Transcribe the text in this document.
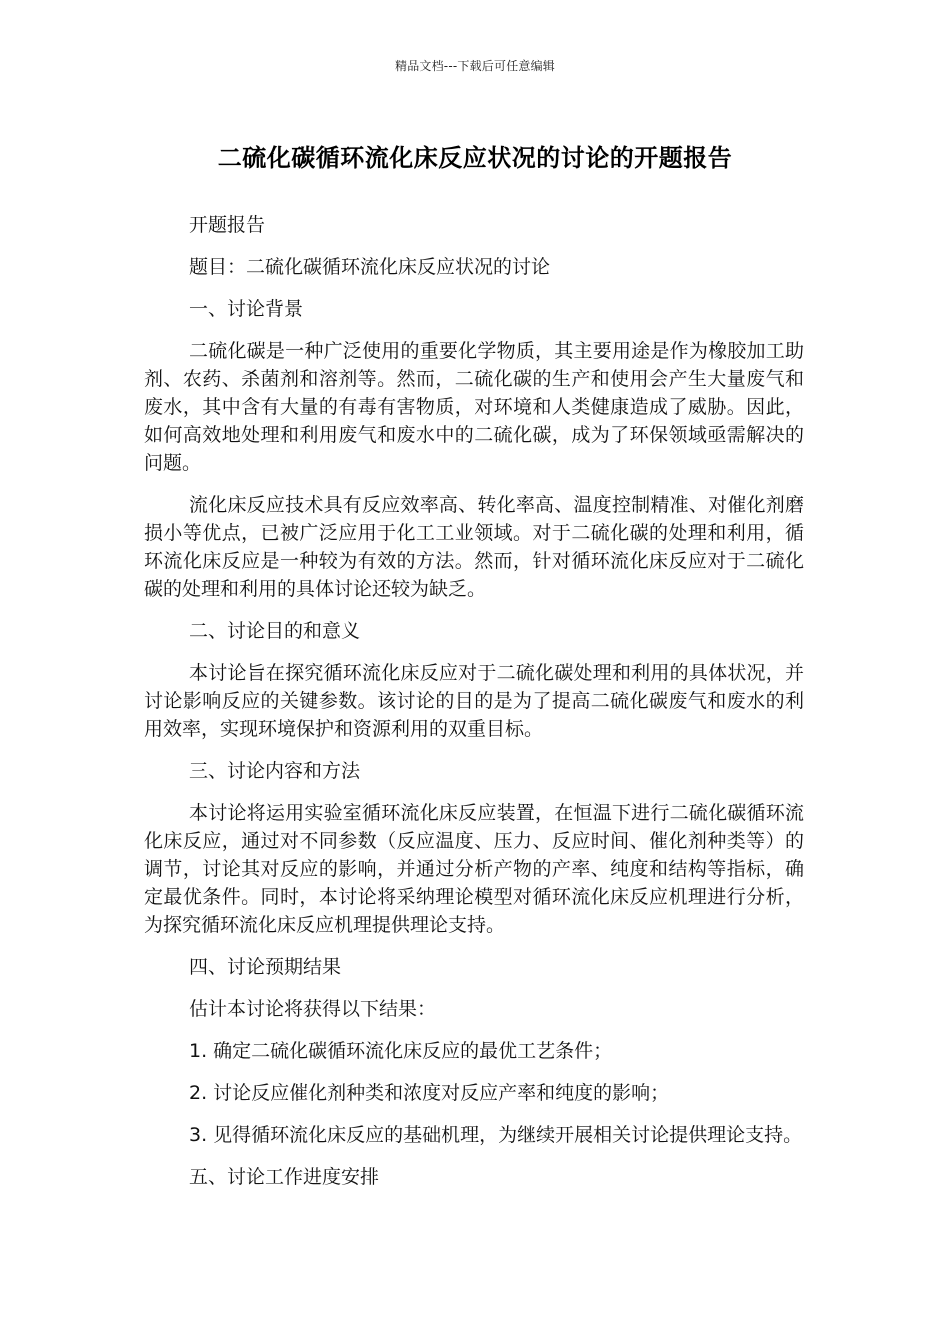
精品文档---下载后可任意编辑
二硫化碳循环流化床反应状况的讨论的开题报告

开题报告

题目：二硫化碳循环流化床反应状况的讨论

一、讨论背景

二硫化碳是一种广泛使用的重要化学物质，其主要用途是作为橡胶加工助剂、农药、杀菌剂和溶剂等。然而，二硫化碳的生产和使用会产生大量废气和废水，其中含有大量的有毒有害物质，对环境和人类健康造成了威胁。因此，如何高效地处理和利用废气和废水中的二硫化碳，成为了环保领域亟需解决的问题。

流化床反应技术具有反应效率高、转化率高、温度控制精准、对催化剂磨损小等优点，已被广泛应用于化工工业领域。对于二硫化碳的处理和利用，循环流化床反应是一种较为有效的方法。然而，针对循环流化床反应对于二硫化碳的处理和利用的具体讨论还较为缺乏。

二、讨论目的和意义

本讨论旨在探究循环流化床反应对于二硫化碳处理和利用的具体状况，并讨论影响反应的关键参数。该讨论的目的是为了提高二硫化碳废气和废水的利用效率，实现环境保护和资源利用的双重目标。

三、讨论内容和方法

本讨论将运用实验室循环流化床反应装置，在恒温下进行二硫化碳循环流化床反应，通过对不同参数（反应温度、压力、反应时间、催化剂种类等）的调节，讨论其对反应的影响，并通过分析产物的产率、纯度和结构等指标，确定最优条件。同时，本讨论将采纳理论模型对循环流化床反应机理进行分析，为探究循环流化床反应机理提供理论支持。

四、讨论预期结果

估计本讨论将获得以下结果：

1. 确定二硫化碳循环流化床反应的最优工艺条件；

2. 讨论反应催化剂种类和浓度对反应产率和纯度的影响；

3. 见得循环流化床反应的基础机理，为继续开展相关讨论提供理论支持。

五、讨论工作进度安排
